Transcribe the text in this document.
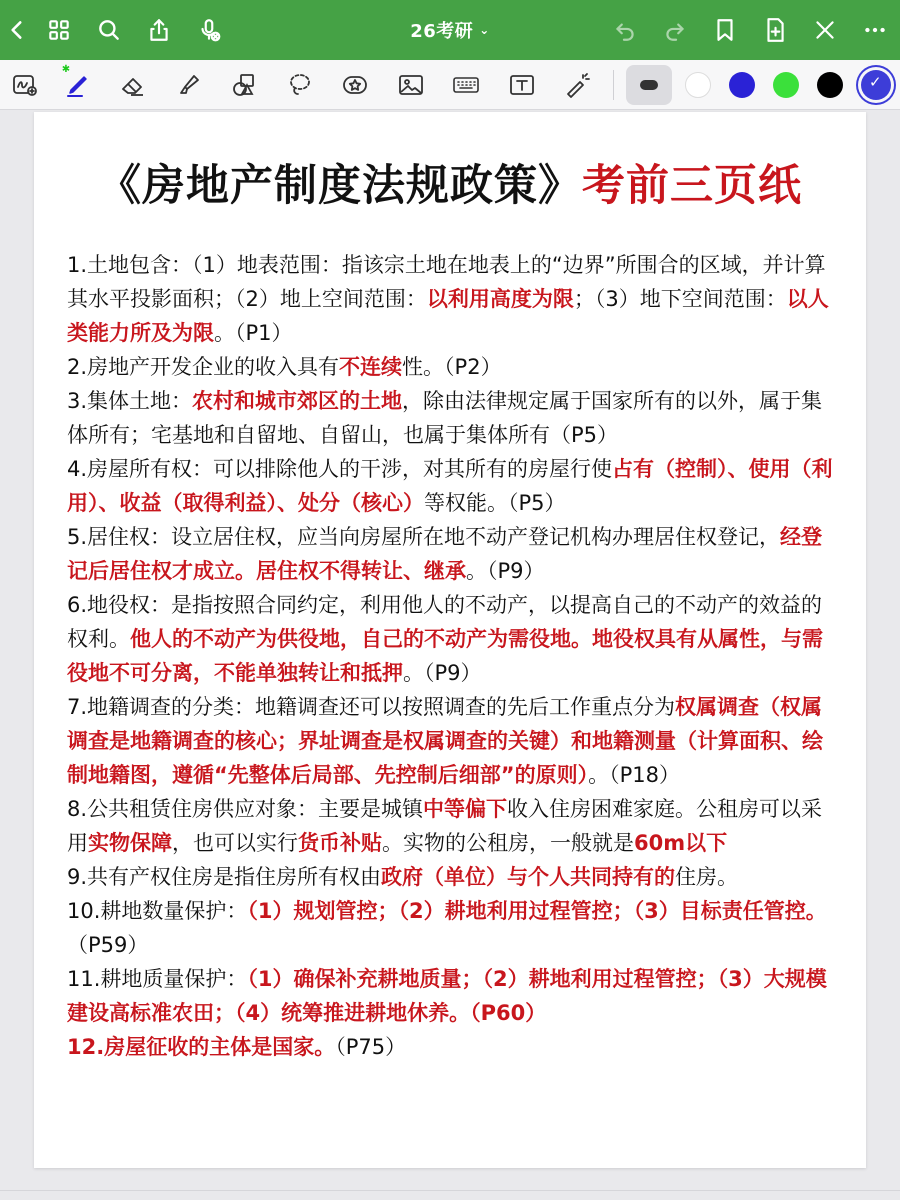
26考研 ⌄
✱
✓
《房地产制度法规政策》考前三页纸

1.土地包含：（1）地表范围：指该宗土地在地表上的“边界”所围合的区域，并计算其水平投影面积；（2）地上空间范围：以利用高度为限；（3）地下空间范围：以人类能力所及为限。（P1）

2.房地产开发企业的收入具有不连续性。（P2）

3.集体土地：农村和城市郊区的土地，除由法律规定属于国家所有的以外，属于集体所有；宅基地和自留地、自留山，也属于集体所有（P5）

4.房屋所有权：可以排除他人的干涉，对其所有的房屋行使占有（控制）、使用（利用）、收益（取得利益）、处分（核心）等权能。（P5）

5.居住权：设立居住权，应当向房屋所在地不动产登记机构办理居住权登记，经登记后居住权才成立。居住权不得转让、继承。（P9）

6.地役权：是指按照合同约定，利用他人的不动产，以提高自己的不动产的效益的权利。他人的不动产为供役地，自己的不动产为需役地。地役权具有从属性，与需役地不可分离，不能单独转让和抵押。（P9）

7.地籍调查的分类：地籍调查还可以按照调查的先后工作重点分为权属调查（权属调查是地籍调查的核心；界址调查是权属调查的关键）和地籍测量（计算面积、绘制地籍图，遵循“先整体后局部、先控制后细部”的原则）。（P18）

8.公共租赁住房供应对象：主要是城镇中等偏下收入住房困难家庭。公租房可以采用实物保障，也可以实行货币补贴。实物的公租房，一般就是60m以下

9.共有产权住房是指住房所有权由政府（单位）与个人共同持有的住房。

10.耕地数量保护：（1）规划管控；（2）耕地利用过程管控；（3）目标责任管控。（P59）

11.耕地质量保护：（1）确保补充耕地质量；（2）耕地利用过程管控；（3）大规模建设高标准农田；（4）统筹推进耕地休养。（P60）

12.房屋征收的主体是国家。（P75）
